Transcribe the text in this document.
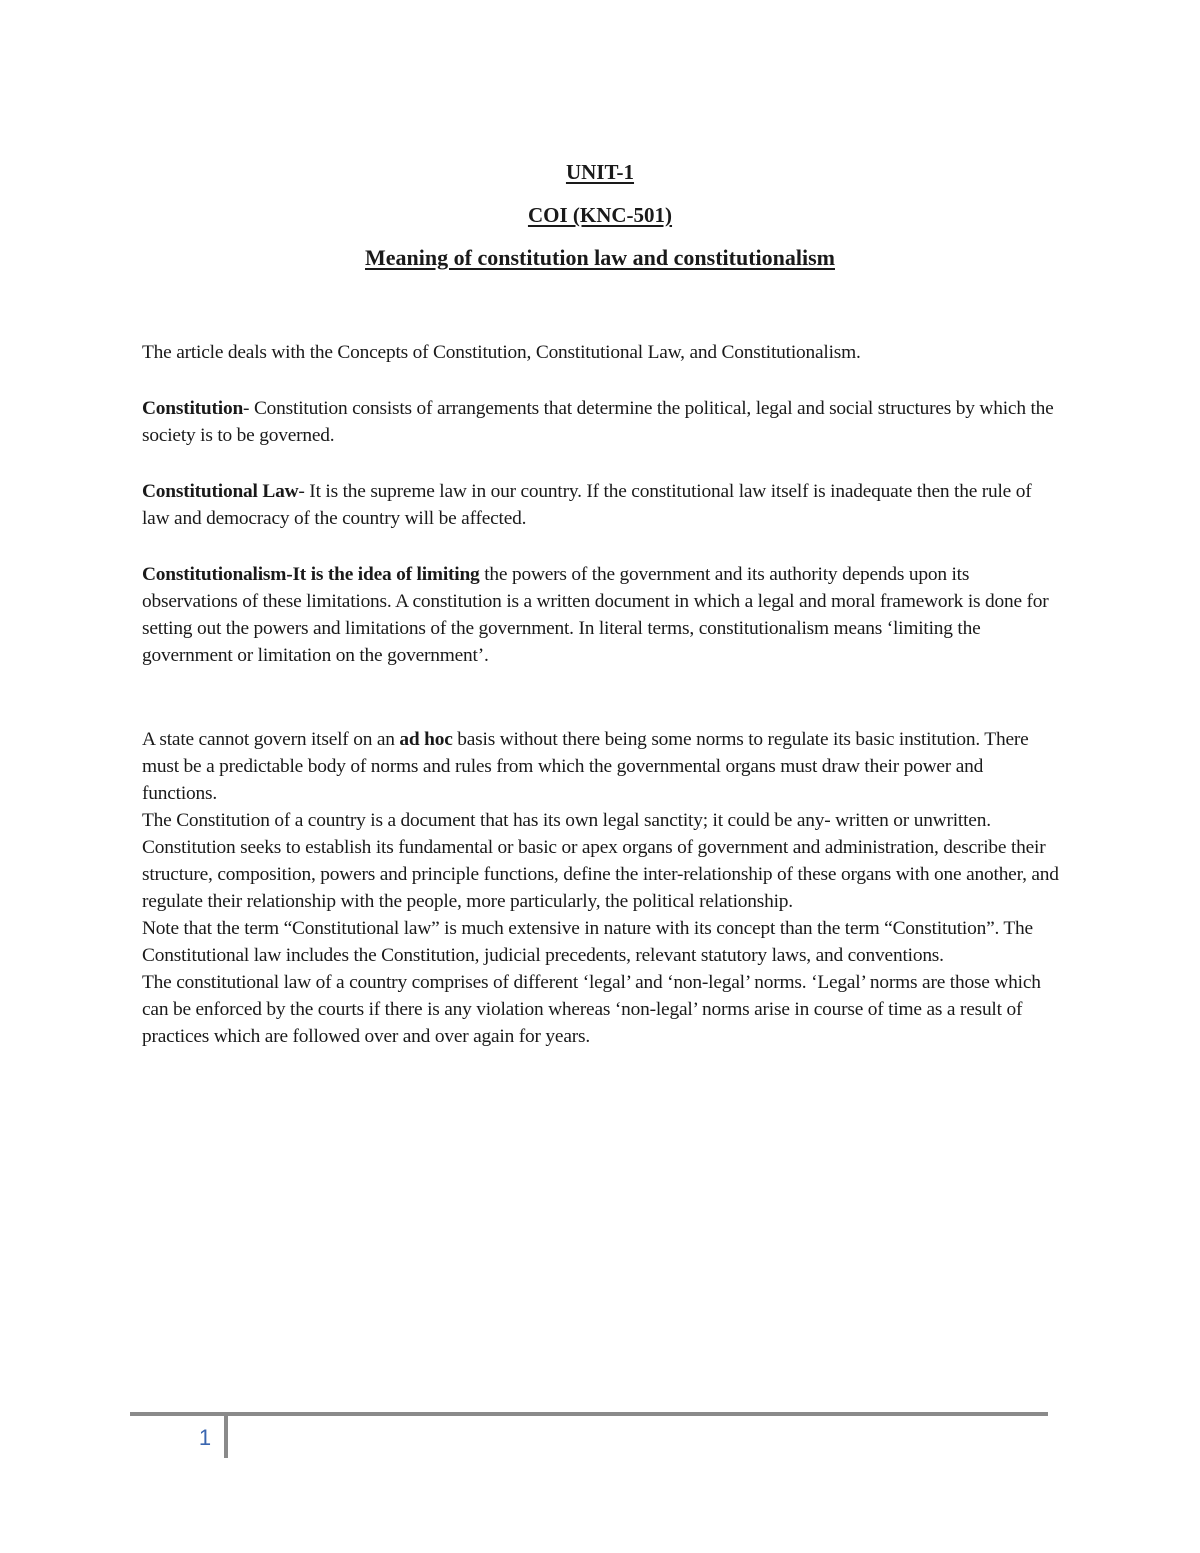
UNIT-1
COI (KNC-501)
Meaning of constitution law and constitutionalism

The article deals with the Concepts of Constitution, Constitutional Law, and Constitutionalism.

Constitution- Constitution consists of arrangements that determine the political, legal and social structures by which the society is to be governed.

Constitutional Law- It is the supreme law in our country. If the constitutional law itself is inadequate then the rule of law and democracy of the country will be affected.

Constitutionalism-It is the idea of limiting the powers of the government and its authority depends upon its observations of these limitations. A constitution is a written document in which a legal and moral framework is done for setting out the powers and limitations of the government. In literal terms, constitutionalism means ‘limiting the government or limitation on the government’.

A state cannot govern itself on an ad hoc basis without there being some norms to regulate its basic institution. There must be a predictable body of norms and rules from which the governmental organs must draw their power and functions.

The Constitution of a country is a document that has its own legal sanctity; it could be any- written or unwritten. Constitution seeks to establish its fundamental or basic or apex organs of government and administration, describe their structure, composition, powers and principle functions, define the inter-relationship of these organs with one another, and regulate their relationship with the people, more particularly, the political relationship.

Note that the term “Constitutional law” is much extensive in nature with its concept than the term “Constitution”. The Constitutional law includes the Constitution, judicial precedents, relevant statutory laws, and conventions.

The constitutional law of a country comprises of different ‘legal’ and ‘non-legal’ norms. ‘Legal’ norms are those which can be enforced by the courts if there is any violation whereas ‘non-legal’ norms arise in course of time as a result of practices which are followed over and over again for years.

1
